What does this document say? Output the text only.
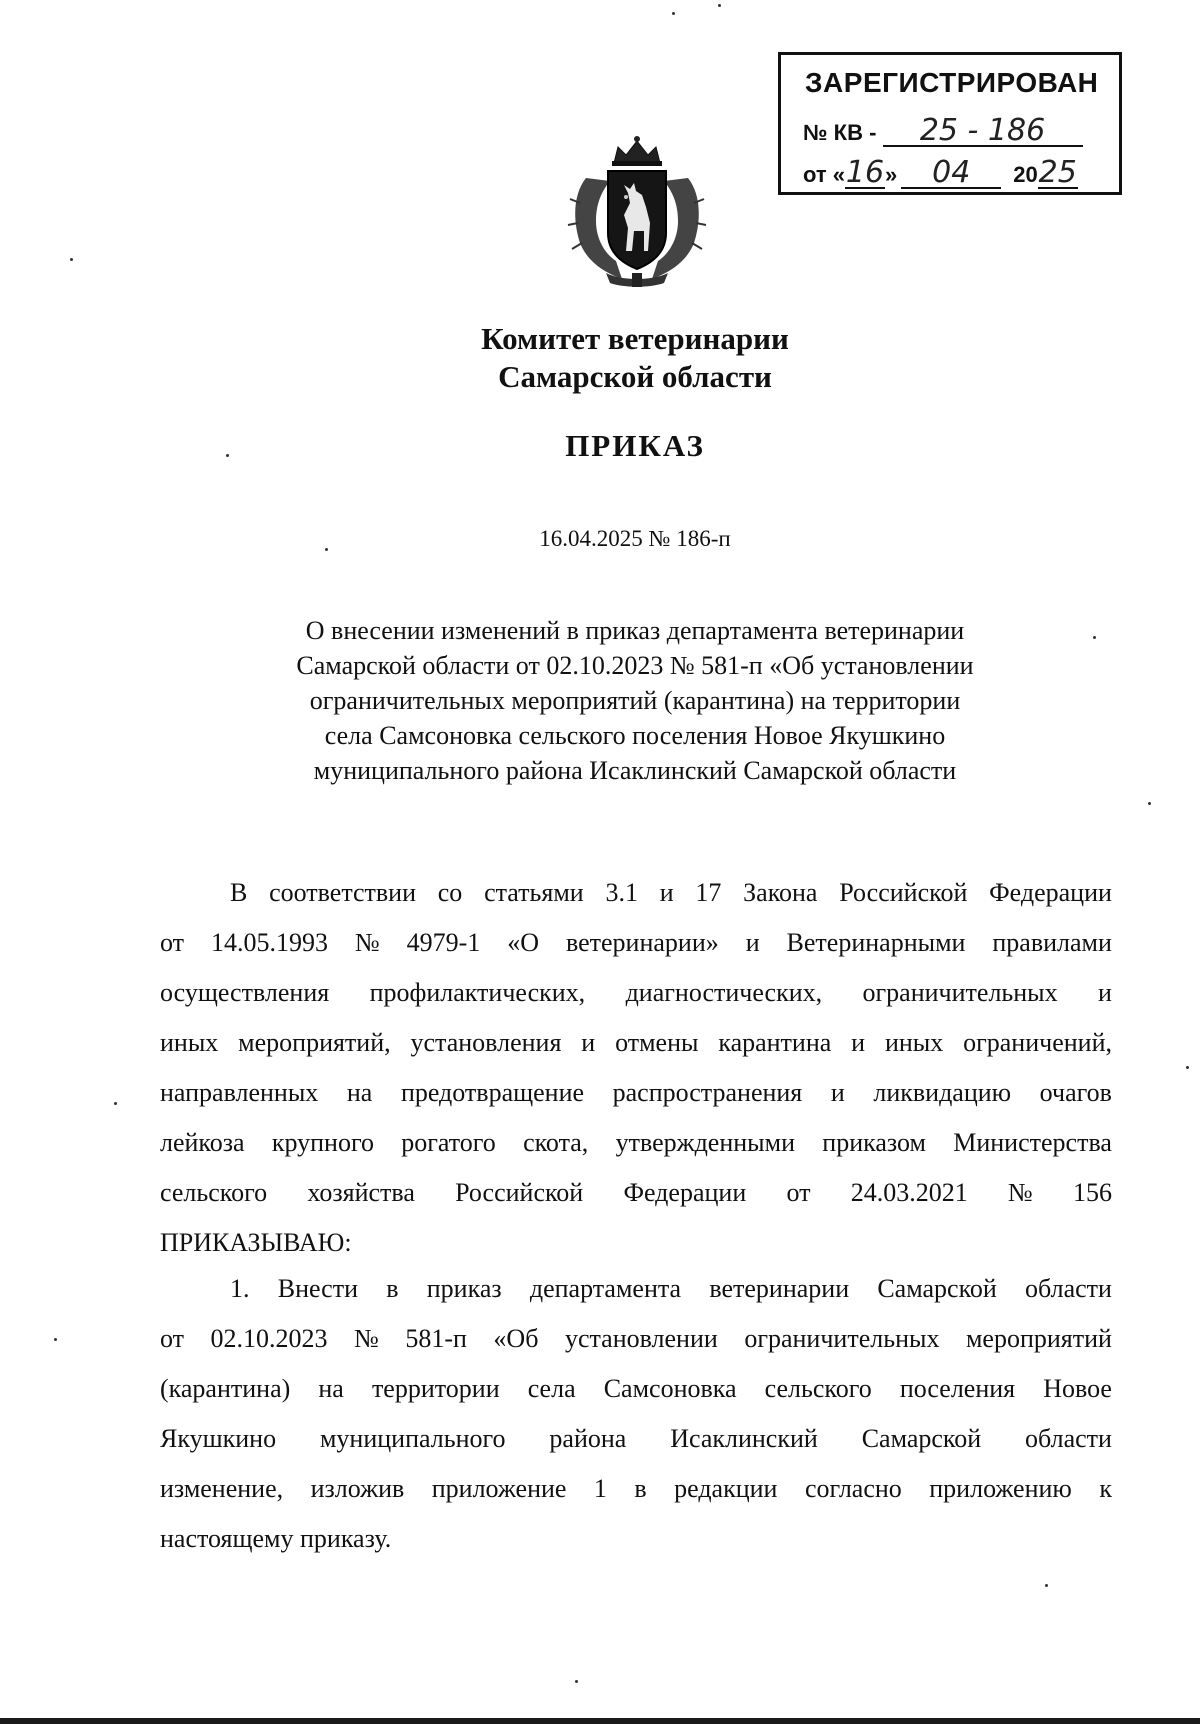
ЗАРЕГИСТРИРОВАН
№ КВ - 25 - 186
от «16» 04 2025
Комитет ветеринарии
Самарской области
ПРИКАЗ
16.04.2025 № 186-п
О внесении изменений в приказ департамента ветеринарии
Самарской области от 02.10.2023 № 581-п «Об установлении
ограничительных мероприятий (карантина) на территории
села Самсоновка сельского поселения Новое Якушкино
муниципального района Исаклинский Самарской области
В соответствии со статьями 3.1 и 17 Закона Российской Федерации
от 14.05.1993 № 4979-1 «О ветеринарии» и Ветеринарными правилами
осуществления профилактических, диагностических, ограничительных и
иных мероприятий, установления и отмены карантина и иных ограничений,
направленных на предотвращение распространения и ликвидацию очагов
лейкоза крупного рогатого скота, утвержденными приказом Министерства
сельского хозяйства Российской Федерации от 24.03.2021 № 156
ПРИКАЗЫВАЮ:
1. Внести в приказ департамента ветеринарии Самарской области
от 02.10.2023 № 581-п «Об установлении ограничительных мероприятий
(карантина) на территории села Самсоновка сельского поселения Новое
Якушкино муниципального района Исаклинский Самарской области
изменение, изложив приложение 1 в редакции согласно приложению к
настоящему приказу.
